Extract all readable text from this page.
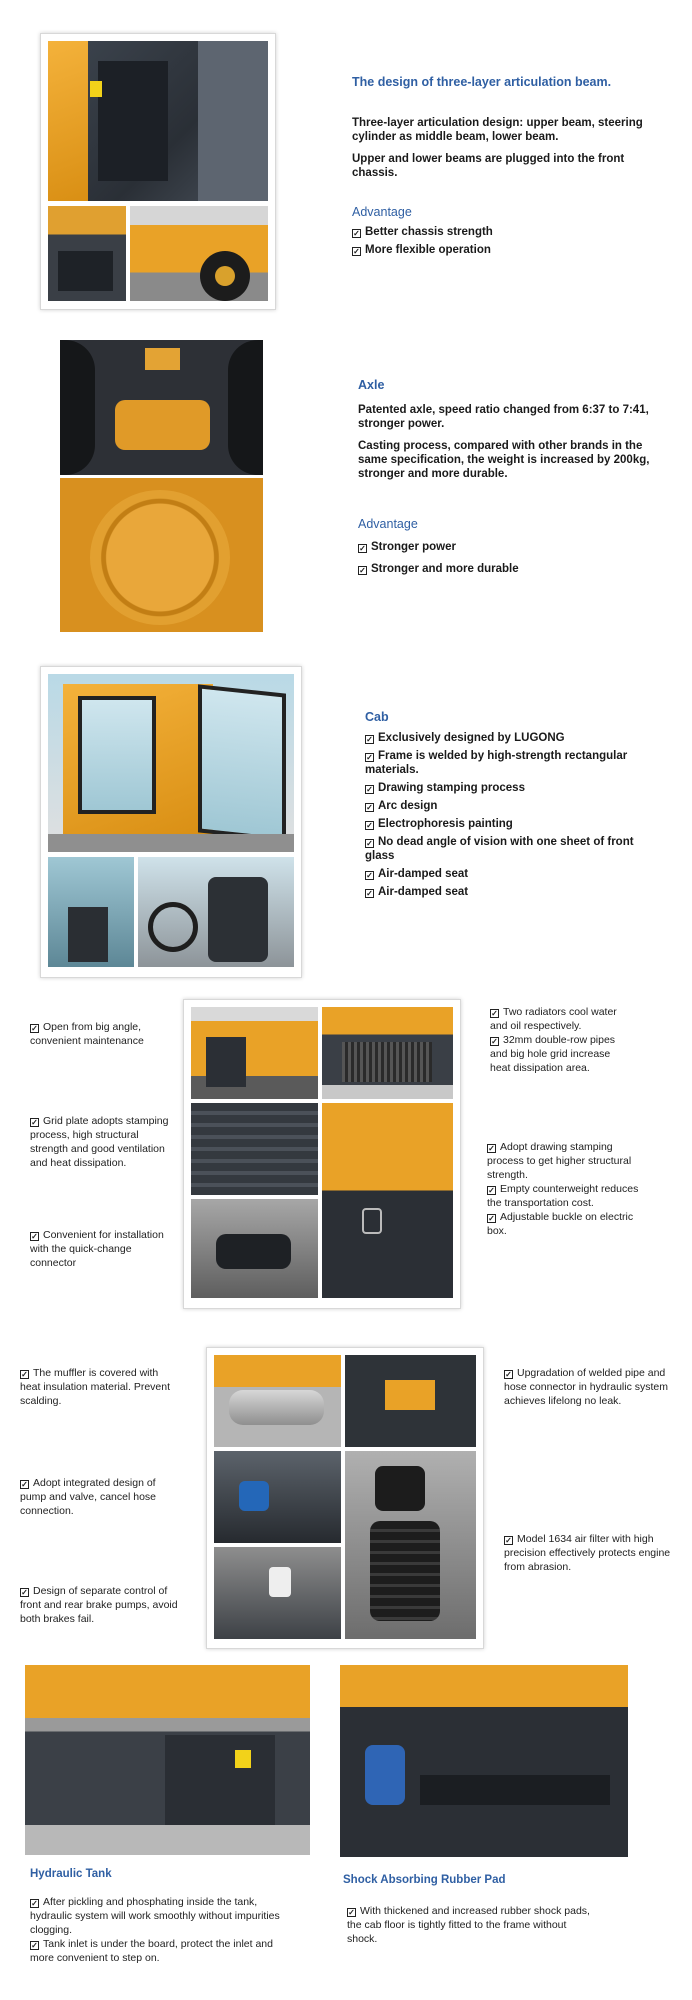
The design of three-layer articulation beam.
Three-layer articulation design: upper beam, steering cylinder as middle beam, lower beam.
Upper and lower beams are plugged into the front chassis.
Advantage
✓ Better chassis strength
✓ More flexible operation
Axle
Patented axle, speed ratio changed from 6:37 to 7:41, stronger power.
Casting process, compared with other brands in the same specification, the weight is increased by 200kg, stronger and more durable.
Advantage
✓ Stronger power
✓ Stronger and more durable
Cab
✓ Exclusively designed by LUGONG
✓ Frame is welded by high-strength rectangular materials.
✓ Drawing stamping process
✓ Arc design
✓ Electrophoresis painting
✓ No dead angle of vision with one sheet of front glass
✓ Air-damped seat
✓ Air-damped seat
✓ Open from big angle, convenient maintenance
✓ Grid plate adopts stamping process, high structural strength and good ventilation and heat dissipation.
✓ Convenient for installation with the quick-change connector
✓ Two radiators cool water and oil respectively.
✓ 32mm double-row pipes and big hole grid increase heat dissipation area.
✓ Adopt drawing stamping process to get higher structural strength.
✓ Empty counterweight reduces the transportation cost.
✓ Adjustable buckle on electric box.
✓ The muffler is covered with heat insulation material. Prevent scalding.
✓ Adopt integrated design of pump and valve, cancel hose connection.
✓ Design of separate control of front and rear brake pumps, avoid both brakes fail.
✓ Upgradation of welded pipe and hose connector in hydraulic system achieves lifelong no leak.
✓ Model 1634 air filter with high precision effectively protects engine from abrasion.
Hydraulic Tank
✓ After pickling and phosphating inside the tank, hydraulic system will work smoothly without impurities clogging.
✓ Tank inlet is under the board, protect the inlet and more convenient to step on.
Shock Absorbing Rubber Pad
✓ With thickened and increased rubber shock pads, the cab floor is tightly fitted to the frame without shock.
